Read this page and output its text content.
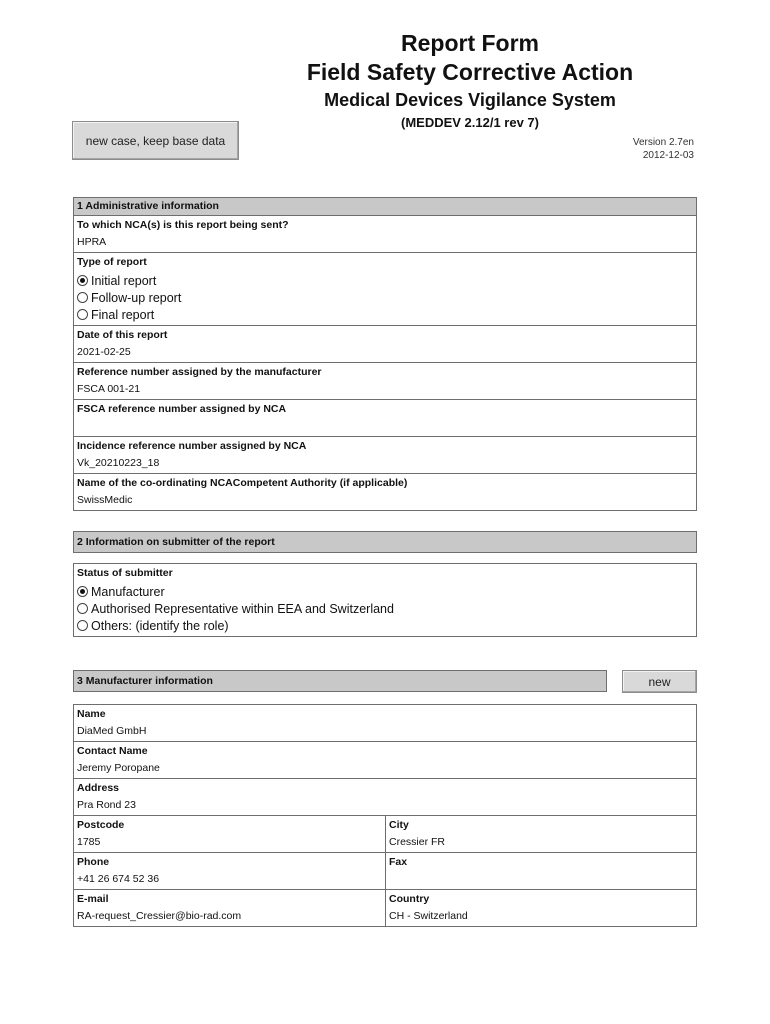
Report Form
Field Safety Corrective Action
Medical Devices Vigilance System
(MEDDEV 2.12/1 rev 7)
new case, keep base data	Version 2.7en
2012-12-03
1 Administrative information
To which NCA(s) is this report being sent?
HPRA
Type of report
Initial report
Follow-up report
Final report
Date of this report
2021-02-25
Reference number assigned by the manufacturer
FSCA 001-21
FSCA reference number assigned by NCA
Incidence reference number assigned by NCA
Vk_20210223_18
Name of the co-ordinating NCACompetent Authority (if applicable)
SwissMedic
2 Information on submitter of the report
Status of submitter
Manufacturer
Authorised Representative within EEA and Switzerland
Others: (identify the role)
3 Manufacturer information	new
Name
DiaMed GmbH
Contact Name
Jeremy Poropane
Address
Pra Rond 23
Postcode
1785
City
Cressier FR
Phone
+41 26 674 52 36
Fax
E-mail
RA-request_Cressier@bio-rad.com
Country
CH - Switzerland
